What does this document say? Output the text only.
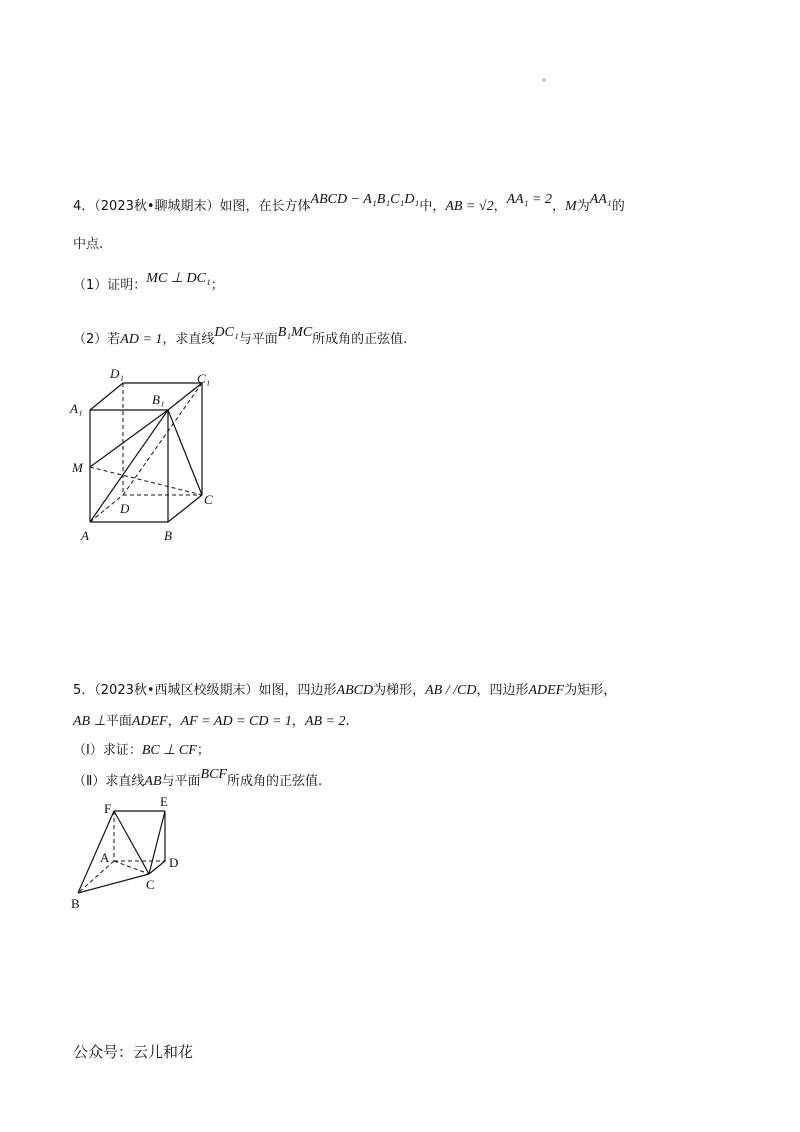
4．（2023秋•聊城期末）如图，在长方体ABCD − A₁B₁C₁D₁中，AB = √2，AA₁ = 2，M为AA₁的
中点.
（1）证明：MC ⊥ DC₁；
（2）若AD = 1，求直线DC₁与平面B₁MC所成角的正弦值.
D₁	C₁
A₁
B₁
M
D
C
A	B
5．（2023秋•西城区校级期末）如图，四边形ABCD为梯形，AB / /CD，四边形ADEF为矩形，
AB ⊥平面ADEF，AF = AD = CD = 1，AB = 2.
（Ⅰ）求证：BC ⊥ CF；
（Ⅱ）求直线AB与平面BCF所成角的正弦值.
F	E
A	D
C
B
公众号：云儿和花
